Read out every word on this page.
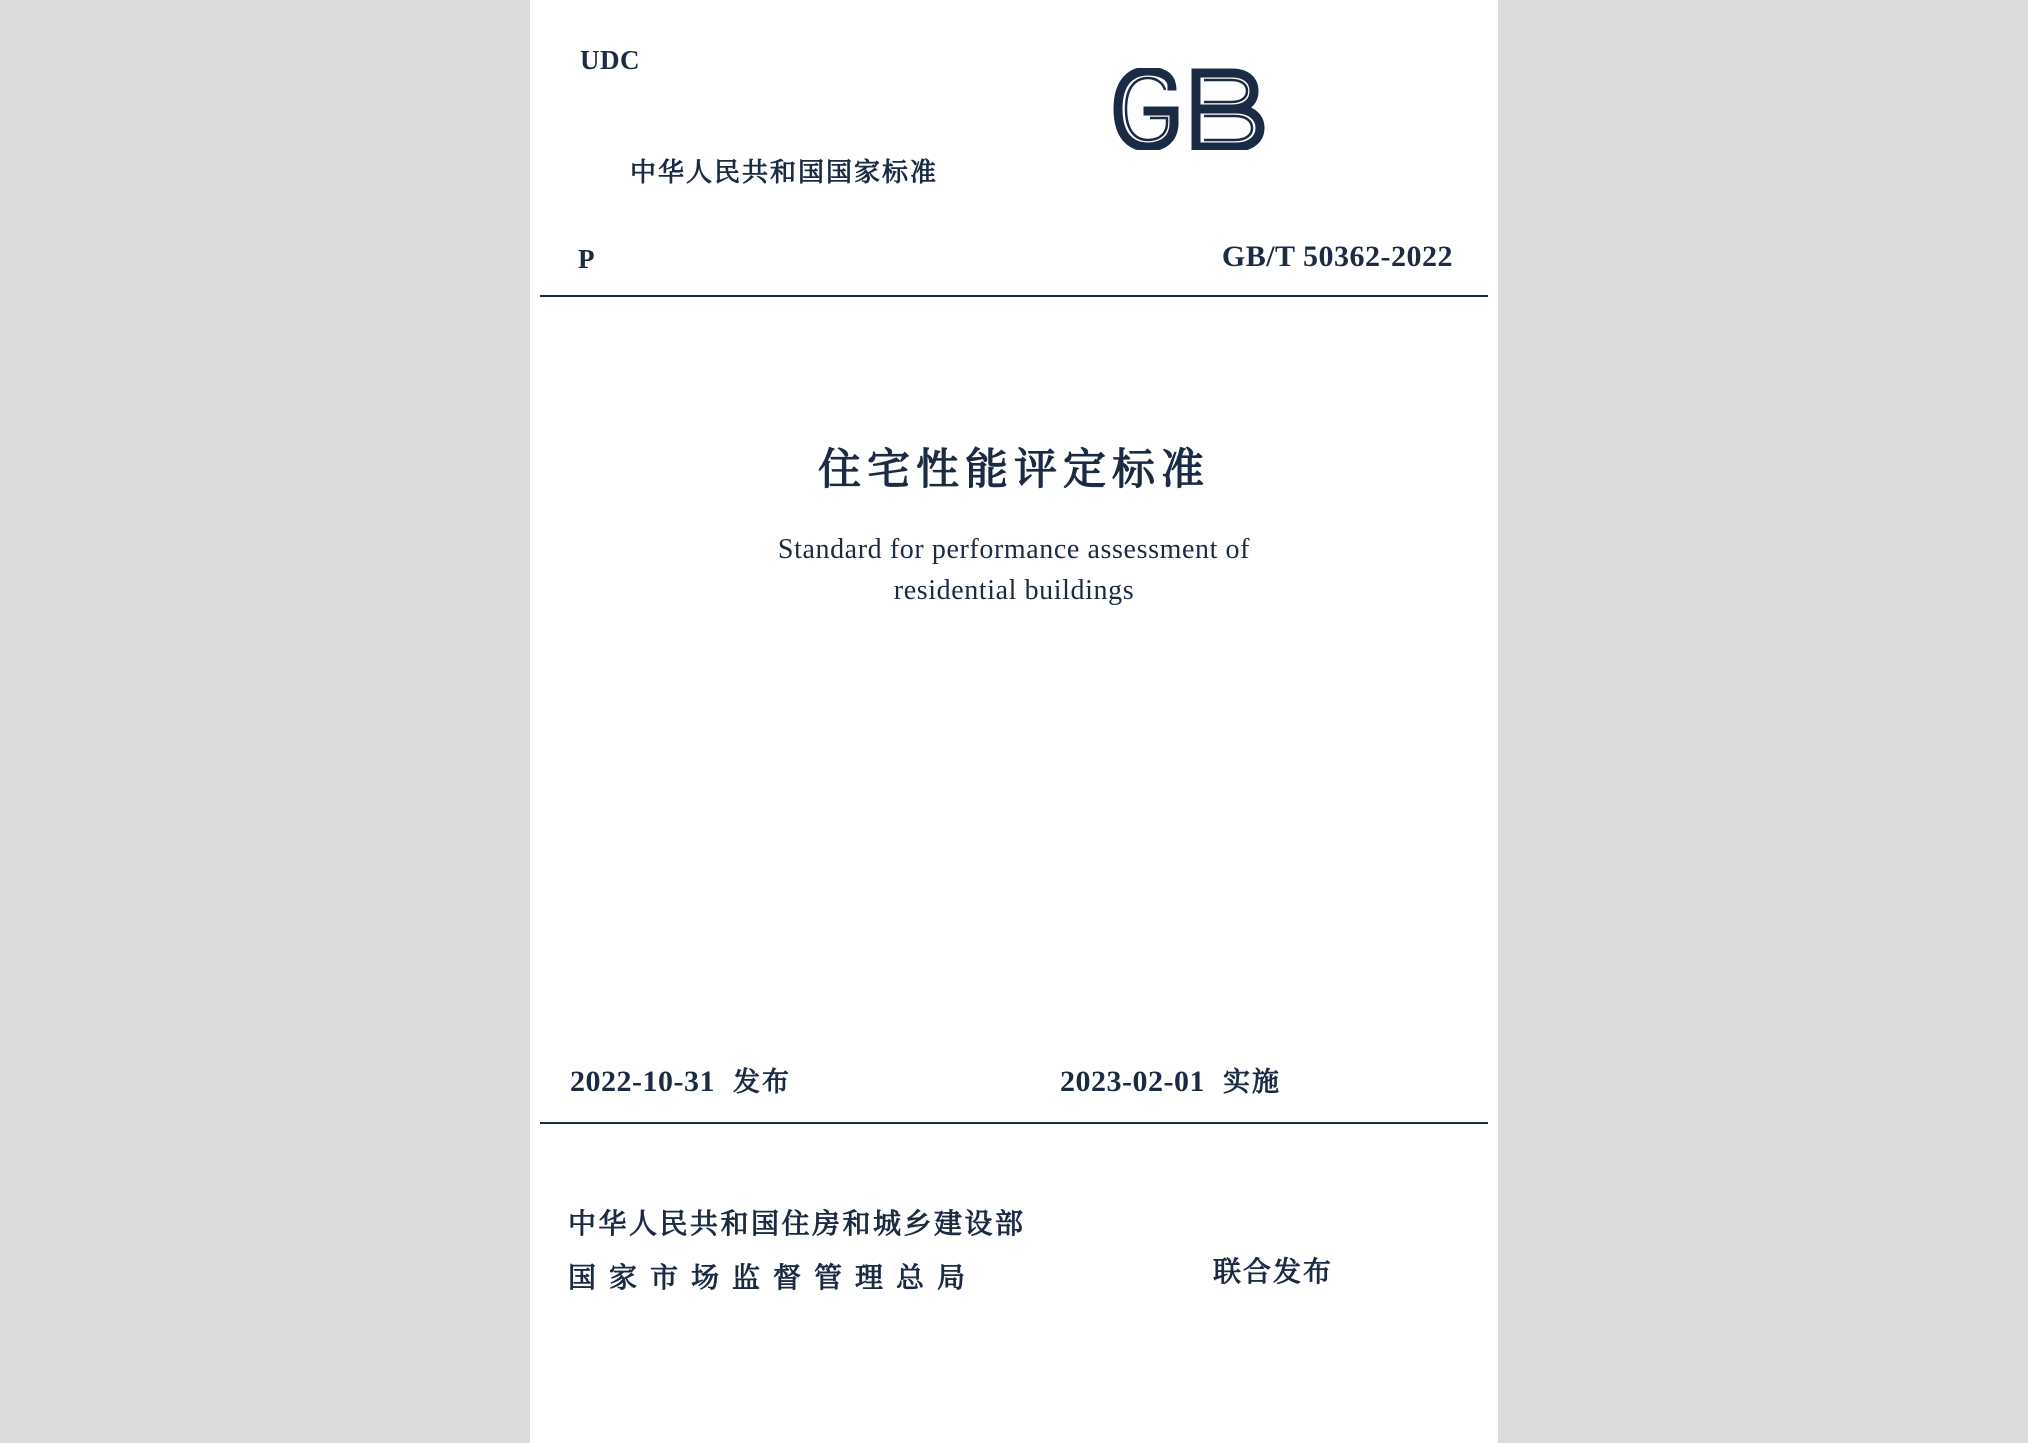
UDC
中华人民共和国国家标准
P	GB/T 50362-2022
住宅性能评定标准
Standard for performance assessment of
residential buildings
2022-10-31 发布	2023-02-01 实施
中华人民共和国住房和城乡建设部
国家市场监督管理总局	联合发布
